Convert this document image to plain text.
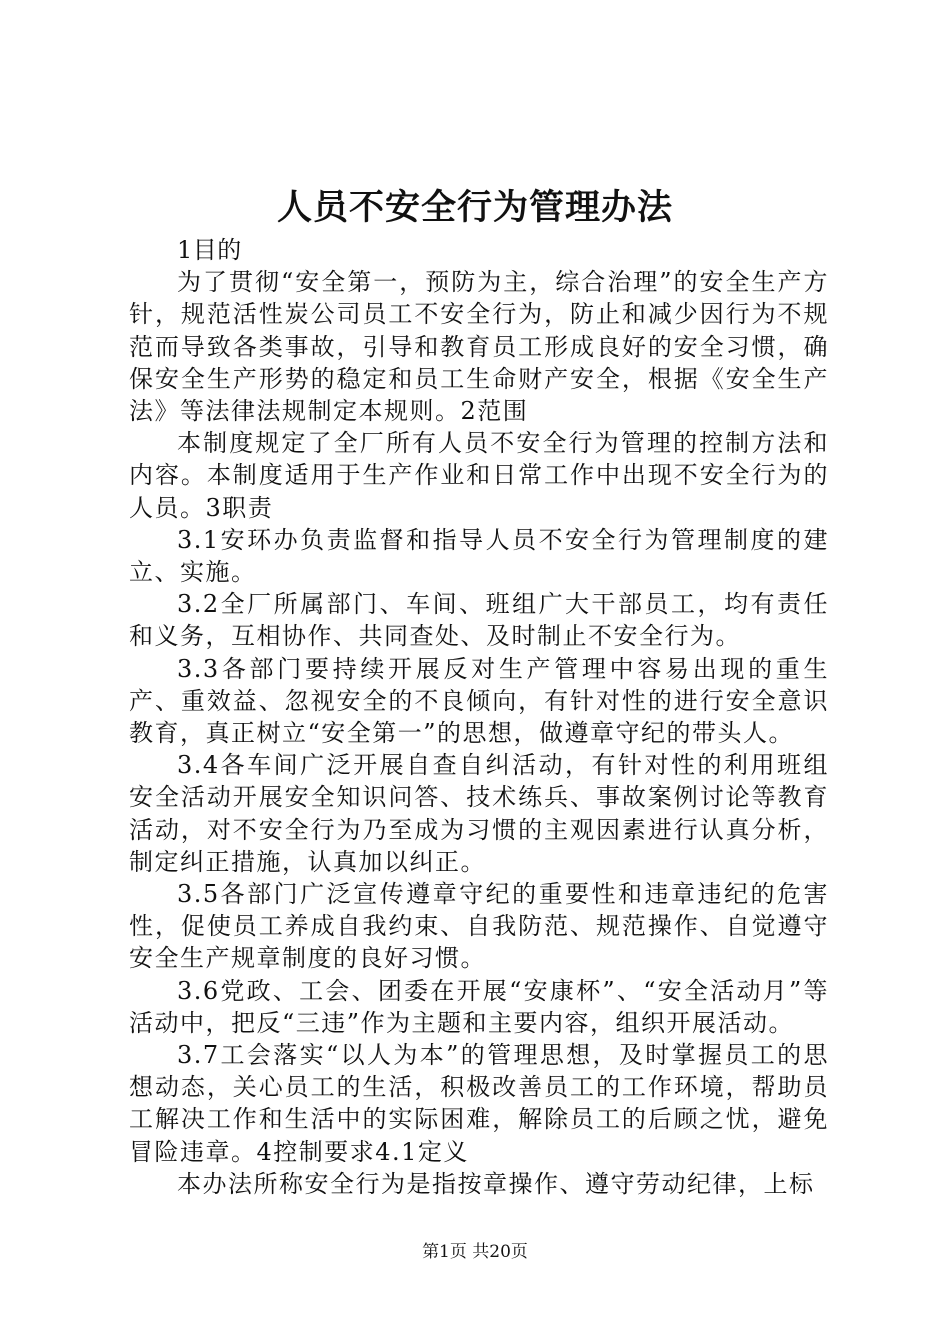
人员不安全行为管理办法

1目的

为了贯彻“安全第一，预防为主，综合治理”的安全生产方针，规范活性炭公司员工不安全行为，防止和减少因行为不规范而导致各类事故，引导和教育员工形成良好的安全习惯，确保安全生产形势的稳定和员工生命财产安全，根据《安全生产法》等法律法规制定本规则。2范围

本制度规定了全厂所有人员不安全行为管理的控制方法和内容。本制度适用于生产作业和日常工作中出现不安全行为的人员。3职责

3.1安环办负责监督和指导人员不安全行为管理制度的建立、实施。

3.2全厂所属部门、车间、班组广大干部员工，均有责任和义务，互相协作、共同查处、及时制止不安全行为。

3.3各部门要持续开展反对生产管理中容易出现的重生产、重效益、忽视安全的不良倾向，有针对性的进行安全意识教育，真正树立“安全第一”的思想，做遵章守纪的带头人。

3.4各车间广泛开展自查自纠活动，有针对性的利用班组安全活动开展安全知识问答、技术练兵、事故案例讨论等教育活动，对不安全行为乃至成为习惯的主观因素进行认真分析，制定纠正措施，认真加以纠正。

3.5各部门广泛宣传遵章守纪的重要性和违章违纪的危害性，促使员工养成自我约束、自我防范、规范操作、自觉遵守安全生产规章制度的良好习惯。

3.6党政、工会、团委在开展“安康杯”、“安全活动月”等活动中，把反“三违”作为主题和主要内容，组织开展活动。

3.7工会落实“以人为本”的管理思想，及时掌握员工的思想动态，关心员工的生活，积极改善员工的工作环境，帮助员工解决工作和生活中的实际困难，解除员工的后顾之忧，避免冒险违章。4控制要求4.1定义

本办法所称安全行为是指按章操作、遵守劳动纪律，上标

第1页 共20页
